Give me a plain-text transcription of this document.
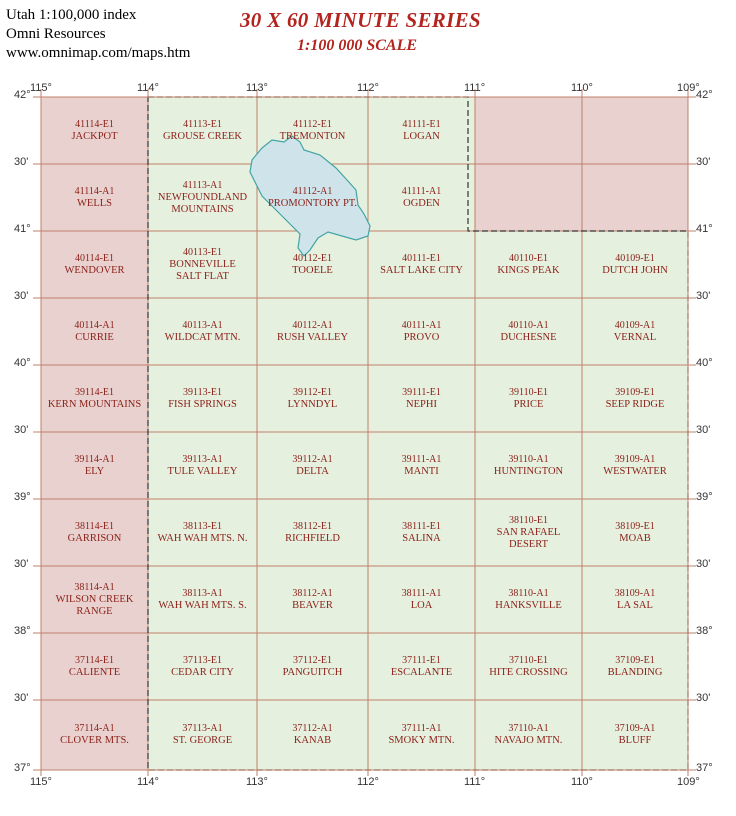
Utah 1:100,000 index
Omni Resources
www.omnimap.com/maps.htm
30 X 60 MINUTE SERIES
1:100 000 SCALE
41114-E1
JACKPOT
41113-E1
GROUSE CREEK
41112-E1
TREMONTON
41111-E1
LOGAN
41114-A1
WELLS
41113-A1
NEWFOUNDLAND
MOUNTAINS
41112-A1
PROMONTORY PT.
41111-A1
OGDEN
40114-E1
WENDOVER
40113-E1
BONNEVILLE
SALT FLAT
40112-E1
TOOELE
40111-E1
SALT LAKE CITY
40110-E1
KINGS PEAK
40109-E1
DUTCH JOHN
40114-A1
CURRIE
40113-A1
WILDCAT MTN.
40112-A1
RUSH VALLEY
40111-A1
PROVO
40110-A1
DUCHESNE
40109-A1
VERNAL
39114-E1
KERN MOUNTAINS
39113-E1
FISH SPRINGS
39112-E1
LYNNDYL
39111-E1
NEPHI
39110-E1
PRICE
39109-E1
SEEP RIDGE
39114-A1
ELY
39113-A1
TULE VALLEY
39112-A1
DELTA
39111-A1
MANTI
39110-A1
HUNTINGTON
39109-A1
WESTWATER
38114-E1
GARRISON
38113-E1
WAH WAH MTS. N.
38112-E1
RICHFIELD
38111-E1
SALINA
38110-E1
SAN RAFAEL
DESERT
38109-E1
MOAB
38114-A1
WILSON CREEK
RANGE
38113-A1
WAH WAH MTS. S.
38112-A1
BEAVER
38111-A1
LOA
38110-A1
HANKSVILLE
38109-A1
LA SAL
37114-E1
CALIENTE
37113-E1
CEDAR CITY
37112-E1
PANGUITCH
37111-E1
ESCALANTE
37110-E1
HITE CROSSING
37109-E1
BLANDING
37114-A1
CLOVER MTS.
37113-A1
ST. GEORGE
37112-A1
KANAB
37111-A1
SMOKY MTN.
37110-A1
NAVAJO MTN.
37109-A1
BLUFF
115°
115°
114°
114°
113°
113°
112°
112°
111°
111°
110°
110°
109°
109°
42°
30'
41°
30'
40°
30'
39°
30'
38°
30'
37°
42°
30'
41°
30'
40°
30'
39°
30'
38°
30'
37°
